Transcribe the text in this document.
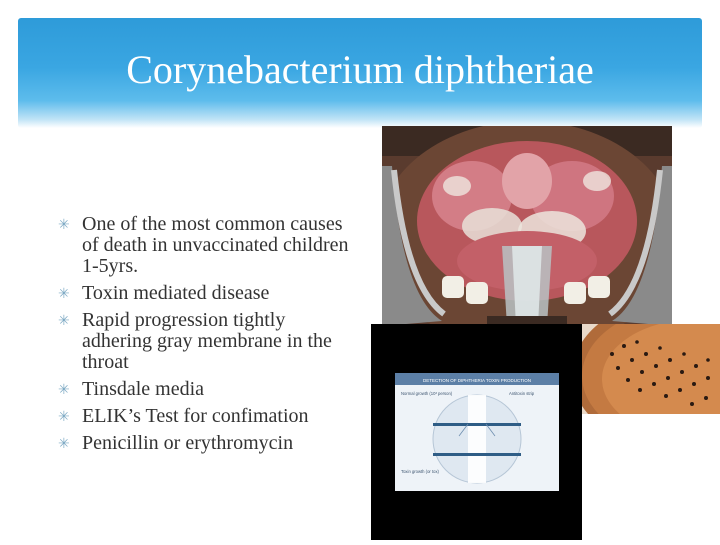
Corynebacterium diphtheriae
✳ One of the most common causes of death in unvaccinated children 1-5yrs.
✳ Toxin mediated disease
✳ Rapid progression tightly adhering gray membrane in the throat
✳ Tinsdale media
✳ ELIK’s Test for confimation
✳ Penicillin or erythromycin
DETECTION OF DIPHTHERIA TOXIN PRODUCTION
Normal growth (10³ person)	Antitoxin strip
Toxin growth (or tox)
